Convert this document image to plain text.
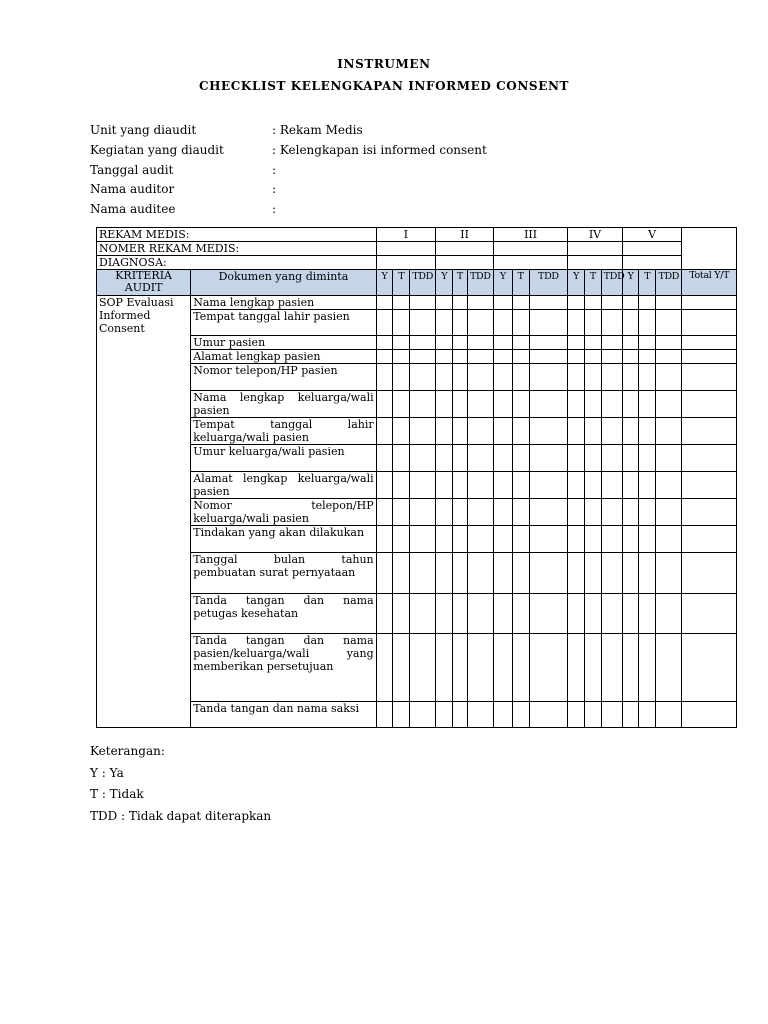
INSTRUMEN
CHECKLIST KELENGKAPAN INFORMED CONSENT
Unit yang diaudit	: Rekam Medis
Kegiatan yang diaudit	: Kelengkapan isi informed consent
Tanggal audit	:
Nama auditor	:
Nama auditee	:
REKAM MEDIS:		I			II			III			IV			V			
NOMER REKAM MEDIS:																	
DIAGNOSA:																	
KRITERIA AUDIT	Dokumen yang diminta	Y	T	TDD	Y	T	TDD	Y	T	TDD	Y	T	TDD	Y	T	TDD	Total Y/T
SOP Evaluasi Informed Consent	Nama lengkap pasien																
	Tempat tanggal lahir pasien																
	Umur pasien																
	Alamat lengkap pasien																
	Nomor telepon/HP pasien																
	Nama lengkap keluarga/wali pasien																
	Tempat tanggal lahir keluarga/wali pasien																
	Umur keluarga/wali pasien																
	Alamat lengkap keluarga/wali pasien																
	Nomor telepon/HP keluarga/wali pasien																
	Tindakan yang akan dilakukan																
	Tanggal bulan tahun pembuatan surat pernyataan																
	Tanda tangan dan nama petugas kesehatan																
	Tanda tangan dan nama pasien/keluarga/wali yang memberikan persetujuan																
	Tanda tangan dan nama saksi																
Keterangan:
Y : Ya
T : Tidak
TDD : Tidak dapat diterapkan
